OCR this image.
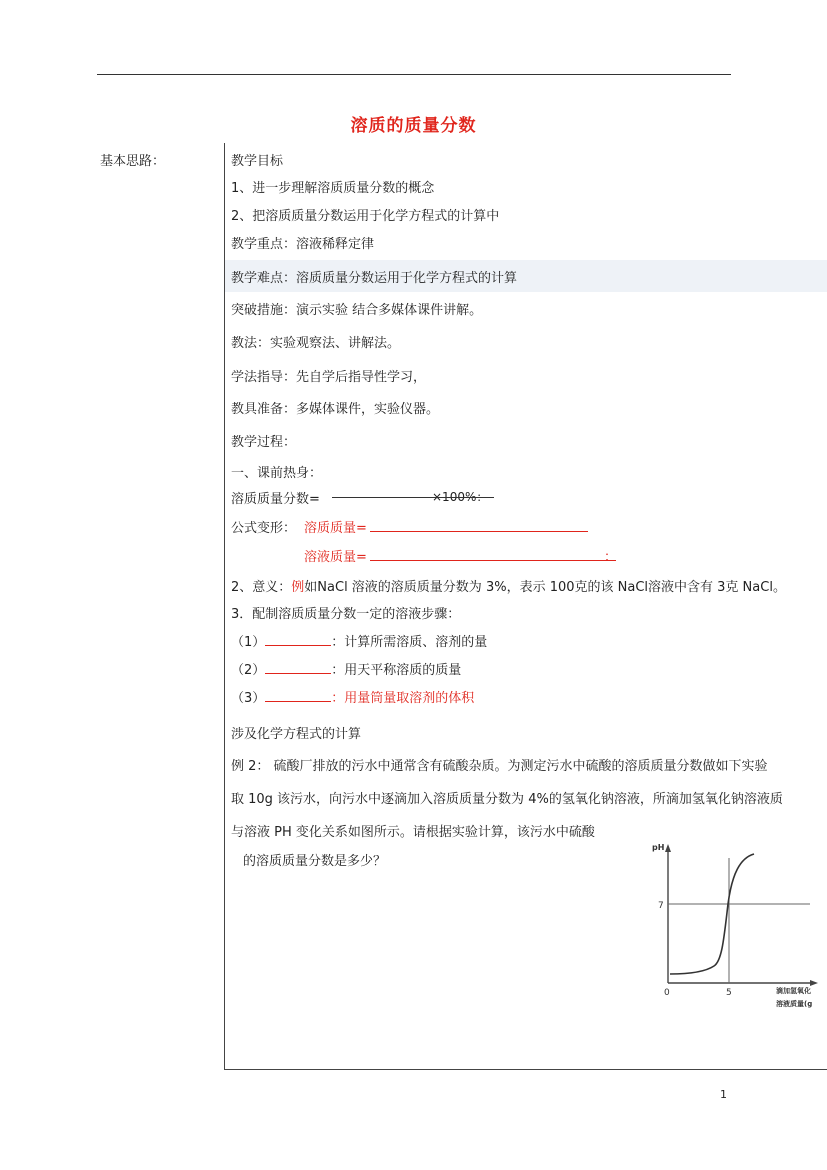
溶质的质量分数
基本思路：	教学目标
1、进一步理解溶质质量分数的概念
2、把溶质质量分数运用于化学方程式的计算中
教学重点：溶液稀释定律
教学难点：溶质质量分数运用于化学方程式的计算
突破措施：演示实验 结合多媒体课件讲解。
教法：实验观察法、讲解法。
学法指导：先自学后指导性学习，
教具准备：多媒体课件，实验仪器。
教学过程：
一、课前热身：
溶质质量分数=	×100%：
公式变形： 溶质质量=
溶液质量=	：
2、意义：例如NaCl 溶液的溶质质量分数为 3%，表示 100克的该 NaCl溶液中含有 3克 NaCl。
3．配制溶质质量分数一定的溶液步骤：
（1）	：计算所需溶质、溶剂的量
（2）	：用天平称溶质的质量
（3）	：用量筒量取溶剂的体积
涉及化学方程式的计算
例 2： 硫酸厂排放的污水中通常含有硫酸杂质。为测定污水中硫酸的溶质质量分数做如下实验
取 10g 该污水，向污水中逐滴加入溶质质量分数为 4%的氢氧化钠溶液，所滴加氢氧化钠溶液质
与溶液 PH 变化关系如图所示。请根据实验计算，该污水中硫酸
的溶质质量分数是多少？
pH
7
0	5	滴加氢氧化
溶液质量(g
1
